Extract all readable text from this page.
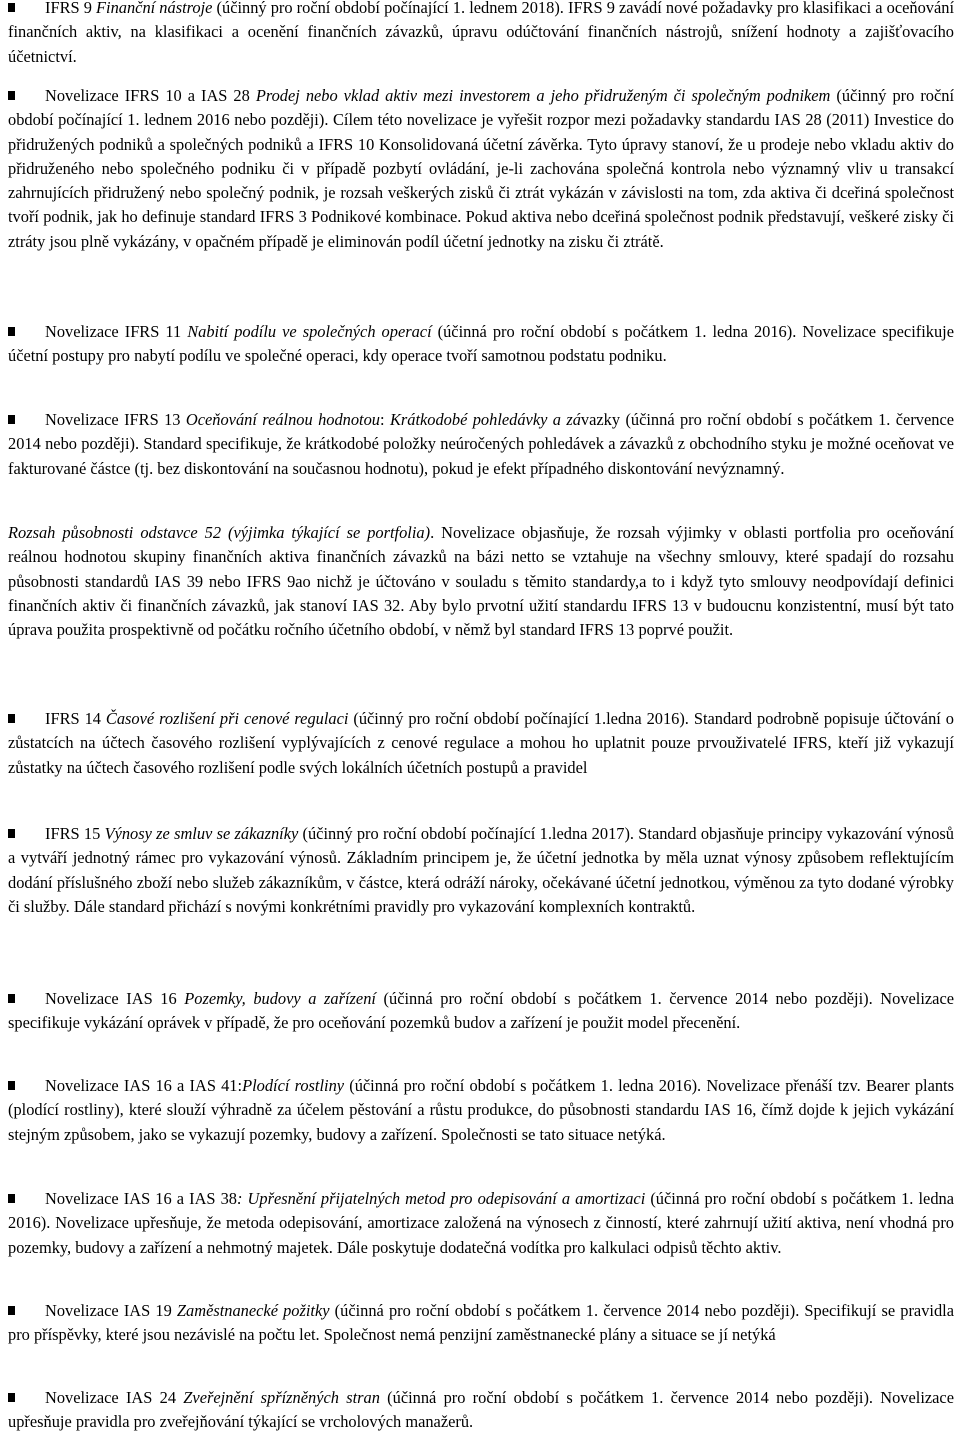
IFRS 9 Finanční nástroje (účinný pro roční období počínající 1. lednem 2018). IFRS 9 zavádí nové požadavky pro klasifikaci a oceňování finančních aktiv, na klasifikaci a ocenění finančních závazků, úpravu odúčtování finančních nástrojů, snížení hodnoty a zajišťovacího účetnictví.
Novelizace IFRS 10 a IAS 28 Prodej nebo vklad aktiv mezi investorem a jeho přidruženým či společným podnikem (účinný pro roční období počínající 1. lednem 2016 nebo později). Cílem této novelizace je vyřešit rozpor mezi požadavky standardu IAS 28 (2011) Investice do přidružených podniků a společných podniků a IFRS 10 Konsolidovaná účetní závěrka. Tyto úpravy stanoví, že u prodeje nebo vkladu aktiv do přidruženého nebo společného podniku či v případě pozbytí ovládání, je-li zachována společná kontrola nebo významný vliv u transakcí zahrnujících přidružený nebo společný podnik, je rozsah veškerých zisků či ztrát vykázán v závislosti na tom, zda aktiva či dceřiná společnost tvoří podnik, jak ho definuje standard IFRS 3 Podnikové kombinace. Pokud aktiva nebo dceřiná společnost podnik představují, veškeré zisky či ztráty jsou plně vykázány, v opačném případě je eliminován podíl účetní jednotky na zisku či ztrátě.
Novelizace IFRS 11 Nabití podílu ve společných operací (účinná pro roční období s počátkem 1. ledna 2016). Novelizace specifikuje účetní postupy pro nabytí podílu ve společné operaci, kdy operace tvoří samotnou podstatu podniku.
Novelizace IFRS 13 Oceňování reálnou hodnotou: Krátkodobé pohledávky a závazky (účinná pro roční období s počátkem 1. července 2014 nebo později). Standard specifikuje, že krátkodobé položky neúročených pohledávek a závazků z obchodního styku je možné oceňovat ve fakturované částce (tj. bez diskontování na současnou hodnotu), pokud je efekt případného diskontování nevýznamný.
Rozsah působnosti odstavce 52 (výjimka týkající se portfolia). Novelizace objasňuje, že rozsah výjimky v oblasti portfolia pro oceňování reálnou hodnotou skupiny finančních aktiva finančních závazků na bázi netto se vztahuje na všechny smlouvy, které spadají do rozsahu působnosti standardů IAS 39 nebo IFRS 9ao nichž je účtováno v souladu s těmito standardy,a to i když tyto smlouvy neodpovídají definici finančních aktiv či finančních závazků, jak stanoví IAS 32. Aby bylo prvotní užití standardu IFRS 13 v budoucnu konzistentní, musí být tato úprava použita prospektivně od počátku ročního účetního období, v němž byl standard IFRS 13 poprvé použit.
IFRS 14 Časové rozlišení při cenové regulaci (účinný pro roční období počínající 1.ledna 2016). Standard podrobně popisuje účtování o zůstatcích na účtech časového rozlišení vyplývajících z cenové regulace a mohou ho uplatnit pouze prvouživatelé IFRS, kteří již vykazují zůstatky na účtech časového rozlišení podle svých lokálních účetních postupů a pravidel
IFRS 15 Výnosy ze smluv se zákazníky (účinný pro roční období počínající 1.ledna 2017). Standard objasňuje principy vykazování výnosů a vytváří jednotný rámec pro vykazování výnosů. Základním principem je, že účetní jednotka by měla uznat výnosy způsobem reflektujícím dodání příslušného zboží nebo služeb zákazníkům, v částce, která odráží nároky, očekávané účetní jednotkou, výměnou za tyto dodané výrobky či služby. Dále standard přichází s novými konkrétními pravidly pro vykazování komplexních kontraktů.
Novelizace IAS 16 Pozemky, budovy a zařízení (účinná pro roční období s počátkem 1. července 2014 nebo později). Novelizace specifikuje vykázání oprávek v případě, že pro oceňování pozemků budov a zařízení je použit model přecenění.
Novelizace IAS 16 a IAS 41:Plodící rostliny (účinná pro roční období s počátkem 1. ledna 2016). Novelizace přenáší tzv. Bearer plants (plodící rostliny), které slouží výhradně za účelem pěstování a růstu produkce, do působnosti standardu IAS 16, čímž dojde k jejich vykázání stejným způsobem, jako se vykazují pozemky, budovy a zařízení. Společnosti se tato situace netýká.
Novelizace IAS 16 a IAS 38: Upřesnění přijatelných metod pro odepisování a amortizaci (účinná pro roční období s počátkem 1. ledna 2016). Novelizace upřesňuje, že metoda odepisování, amortizace založená na výnosech z činností, které zahrnují užití aktiva, není vhodná pro pozemky, budovy a zařízení a nehmotný majetek. Dále poskytuje dodatečná vodítka pro kalkulaci odpisů těchto aktiv.
Novelizace IAS 19 Zaměstnanecké požitky (účinná pro roční období s počátkem 1. července 2014 nebo později). Specifikují se pravidla pro příspěvky, které jsou nezávislé na počtu let. Společnost nemá penzijní zaměstnanecké plány a situace se jí netýká
Novelizace IAS 24 Zveřejnění spřízněných stran (účinná pro roční období s počátkem 1. července 2014 nebo později). Novelizace upřesňuje pravidla pro zveřejňování týkající se vrcholových manažerů.
